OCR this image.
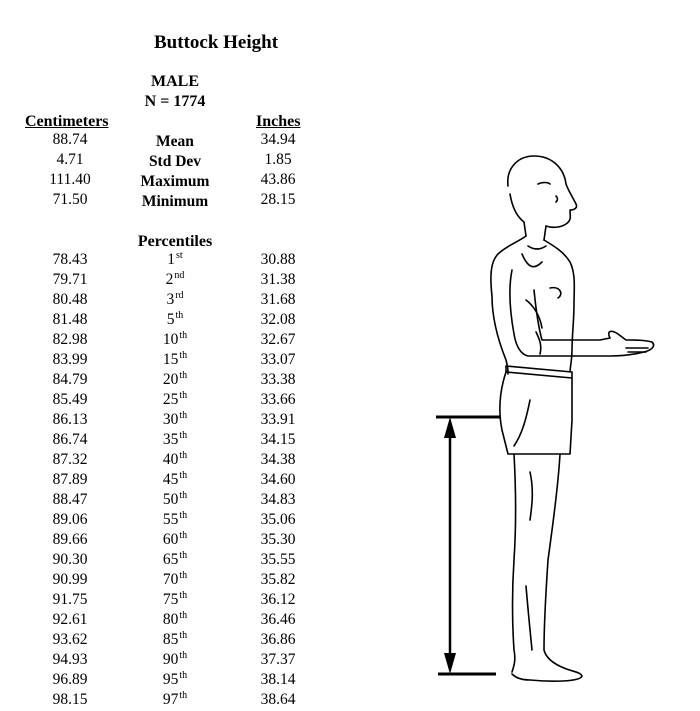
Buttock Height
MALE
N = 1774
Centimeters	Inches
88.74	Mean	34.94
4.71	Std Dev	1.85
111.40	Maximum	43.86
71.50	Minimum	28.15
Percentiles
78.43	1st	30.88
79.71	2nd	31.38
80.48	3rd	31.68
81.48	5th	32.08
82.98	10th	32.67
83.99	15th	33.07
84.79	20th	33.38
85.49	25th	33.66
86.13	30th	33.91
86.74	35th	34.15
87.32	40th	34.38
87.89	45th	34.60
88.47	50th	34.83
89.06	55th	35.06
89.66	60th	35.30
90.30	65th	35.55
90.99	70th	35.82
91.75	75th	36.12
92.61	80th	36.46
93.62	85th	36.86
94.93	90th	37.37
96.89	95th	38.14
98.15	97th	38.64
